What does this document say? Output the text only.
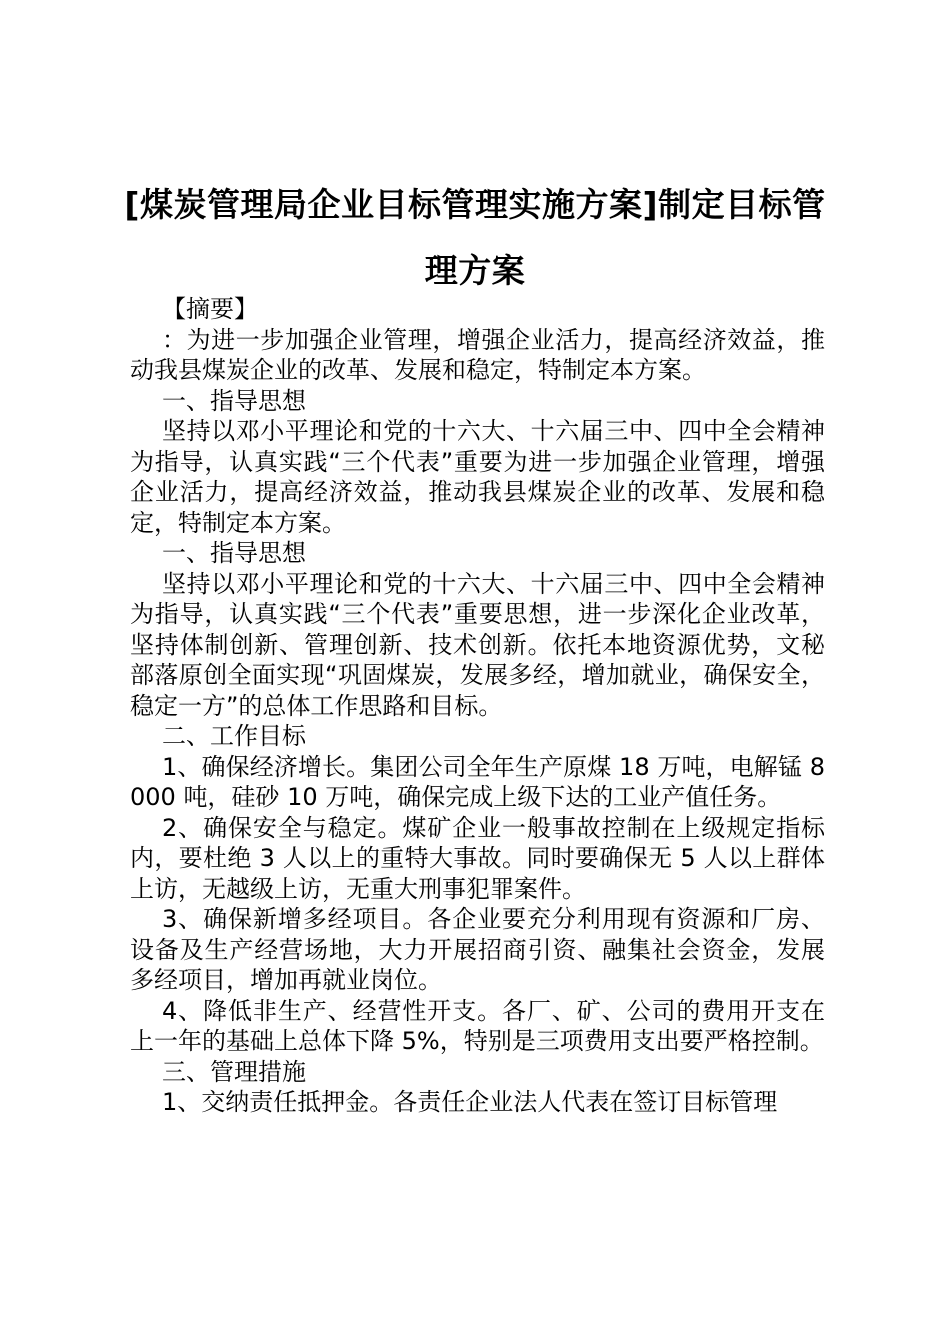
[煤炭管理局企业目标管理实施方案]制定目标管理方案

【摘要】

：为进一步加强企业管理，增强企业活力，提高经济效益，推动我县煤炭企业的改革、发展和稳定，特制定本方案。

一、指导思想

坚持以邓小平理论和党的十六大、十六届三中、四中全会精神为指导，认真实践“三个代表”重要为进一步加强企业管理，增强企业活力，提高经济效益，推动我县煤炭企业的改革、发展和稳定，特制定本方案。

一、指导思想

坚持以邓小平理论和党的十六大、十六届三中、四中全会精神为指导，认真实践“三个代表”重要思想，进一步深化企业改革，坚持体制创新、管理创新、技术创新。依托本地资源优势，文秘部落原创全面实现“巩固煤炭，发展多经，增加就业，确保安全，稳定一方”的总体工作思路和目标。

二、工作目标

1、确保经济增长。集团公司全年生产原煤 18 万吨，电解锰 8000 吨，硅砂 10 万吨，确保完成上级下达的工业产值任务。

2、确保安全与稳定。煤矿企业一般事故控制在上级规定指标内，要杜绝 3 人以上的重特大事故。同时要确保无 5 人以上群体上访，无越级上访，无重大刑事犯罪案件。

3、确保新增多经项目。各企业要充分利用现有资源和厂房、设备及生产经营场地，大力开展招商引资、融集社会资金，发展多经项目，增加再就业岗位。

4、降低非生产、经营性开支。各厂、矿、公司的费用开支在上一年的基础上总体下降 5%，特别是三项费用支出要严格控制。

三、管理措施

1、交纳责任抵押金。各责任企业法人代表在签订目标管理
